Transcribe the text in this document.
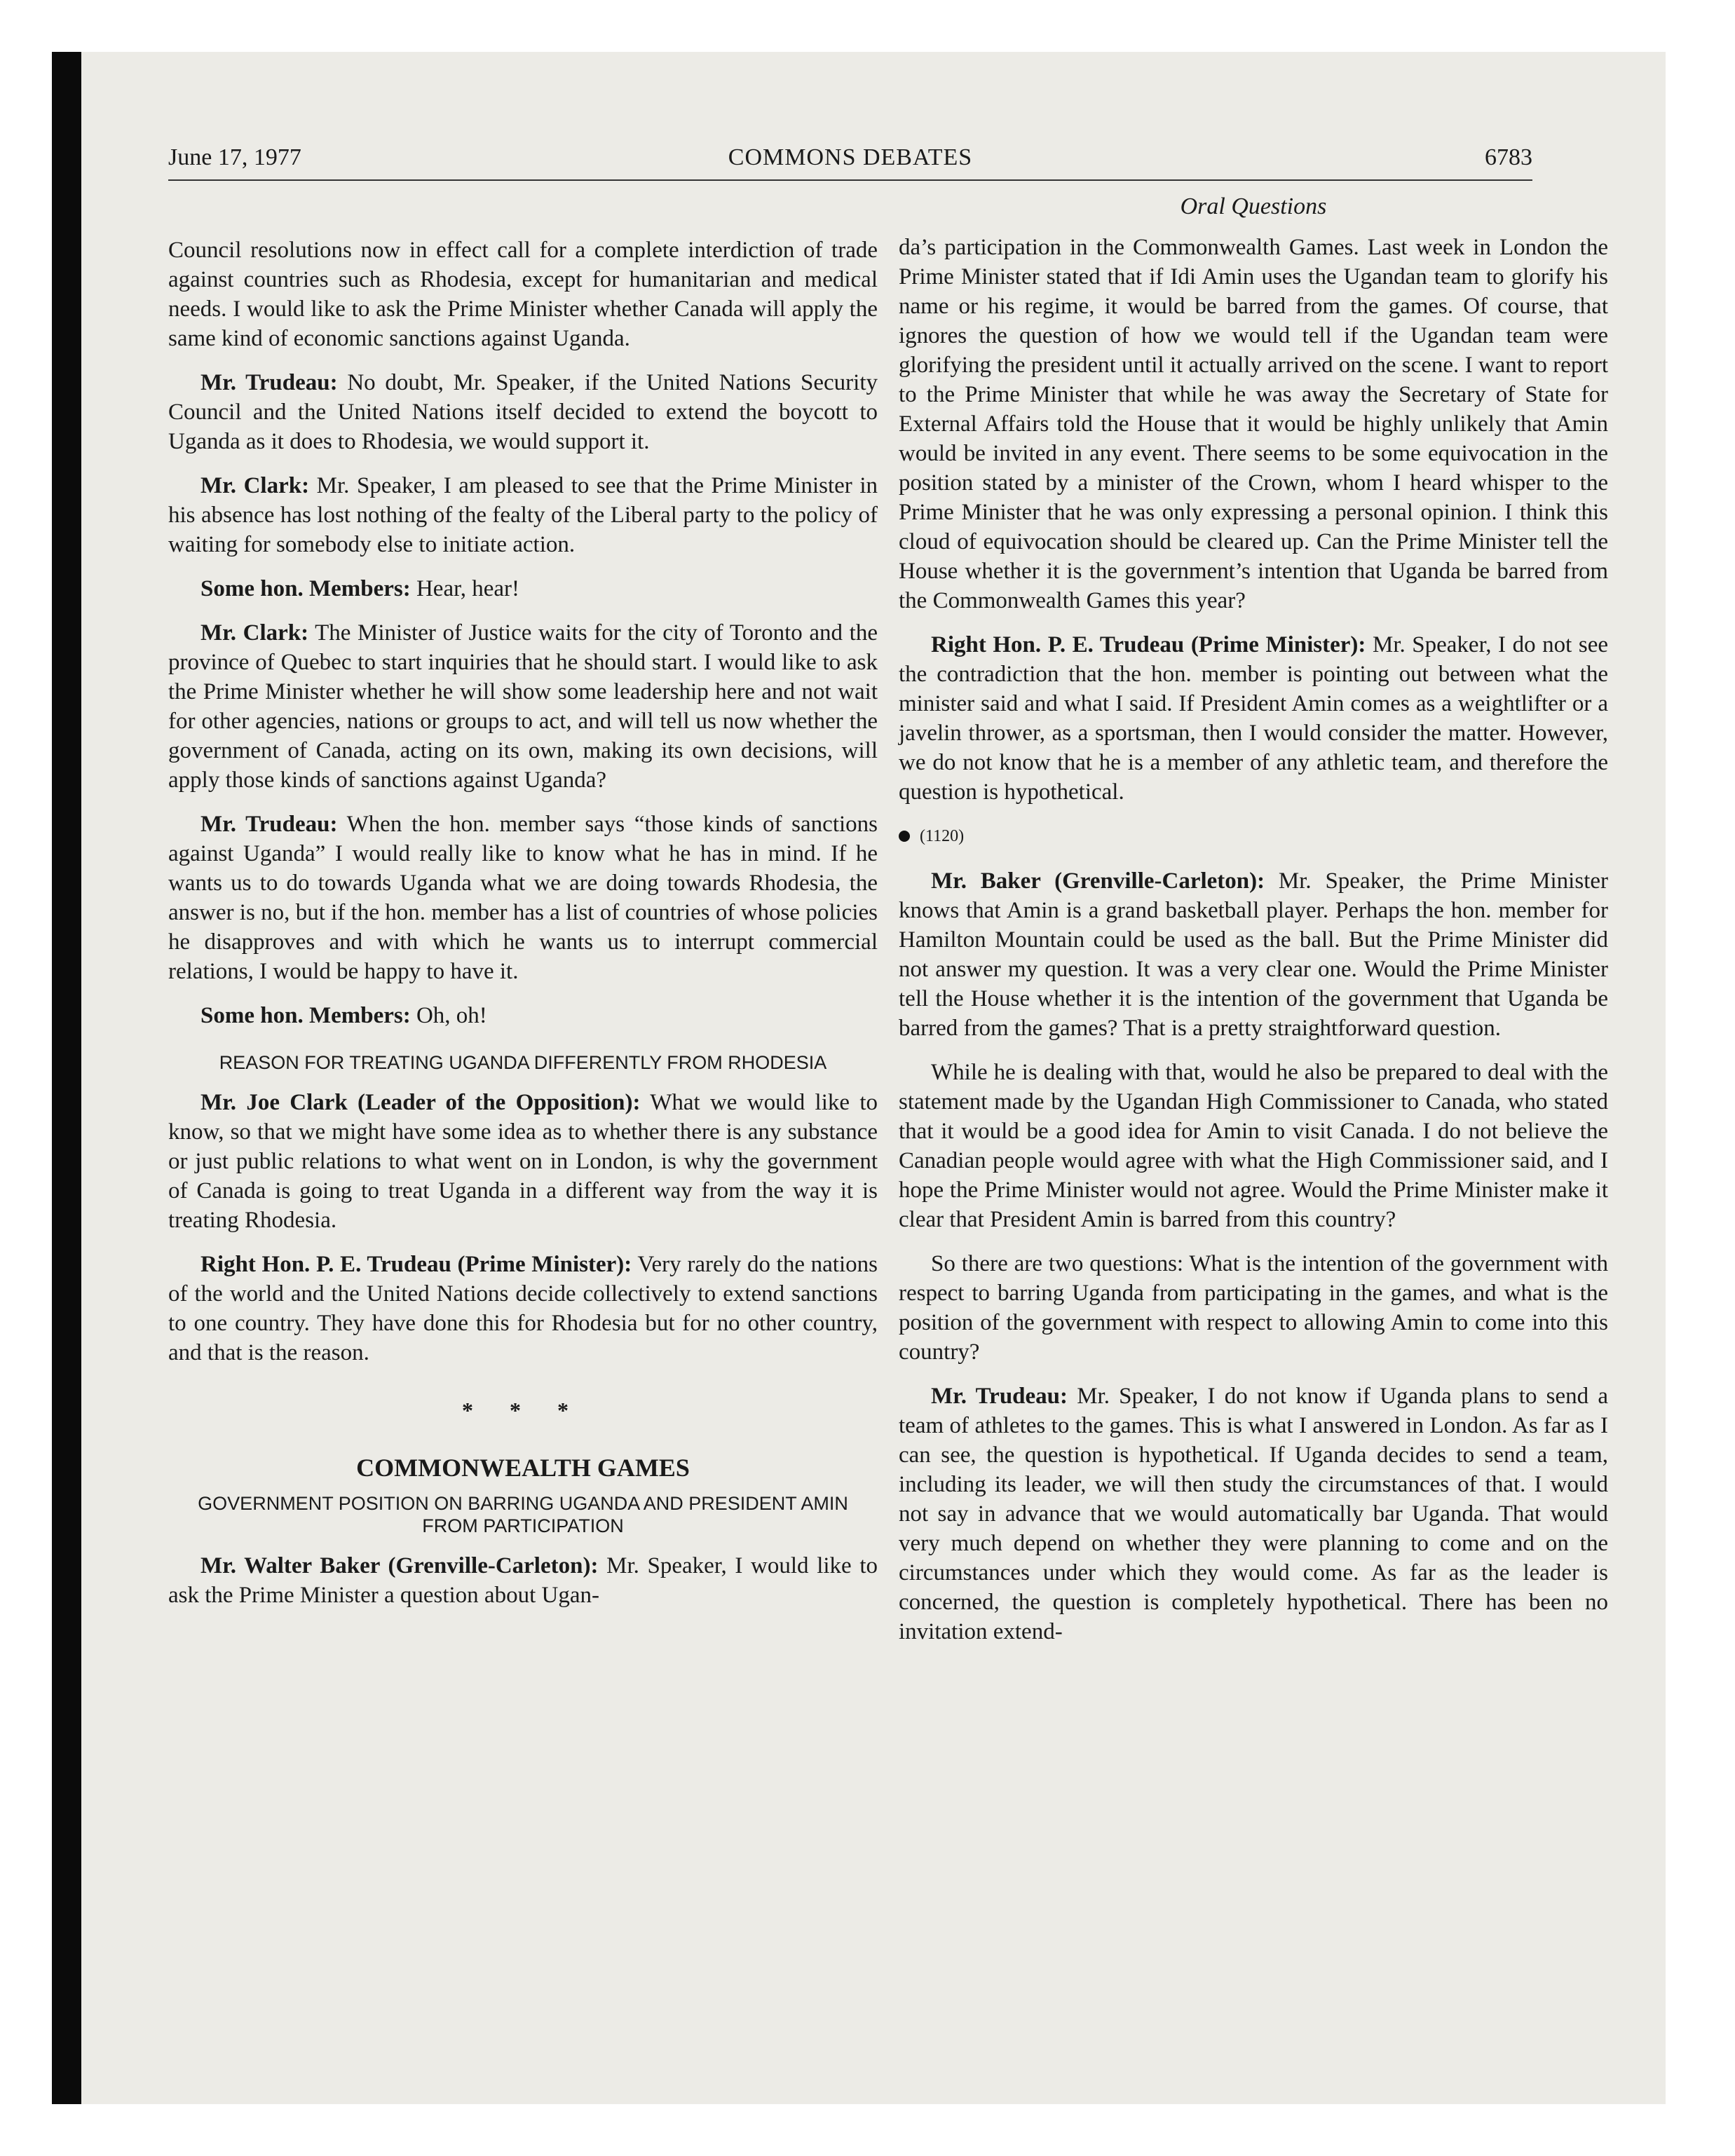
June 17, 1977	COMMONS DEBATES	6783

Council resolutions now in effect call for a complete interdiction of trade against countries such as Rhodesia, except for humanitarian and medical needs. I would like to ask the Prime Minister whether Canada will apply the same kind of economic sanctions against Uganda.

Mr. Trudeau: No doubt, Mr. Speaker, if the United Nations Security Council and the United Nations itself decided to extend the boycott to Uganda as it does to Rhodesia, we would support it.

Mr. Clark: Mr. Speaker, I am pleased to see that the Prime Minister in his absence has lost nothing of the fealty of the Liberal party to the policy of waiting for somebody else to initiate action.

Some hon. Members: Hear, hear!

Mr. Clark: The Minister of Justice waits for the city of Toronto and the province of Quebec to start inquiries that he should start. I would like to ask the Prime Minister whether he will show some leadership here and not wait for other agencies, nations or groups to act, and will tell us now whether the government of Canada, acting on its own, making its own decisions, will apply those kinds of sanctions against Uganda?

Mr. Trudeau: When the hon. member says “those kinds of sanctions against Uganda” I would really like to know what he has in mind. If he wants us to do towards Uganda what we are doing towards Rhodesia, the answer is no, but if the hon. member has a list of countries of whose policies he disapproves and with which he wants us to interrupt commercial relations, I would be happy to have it.

Some hon. Members: Oh, oh!

REASON FOR TREATING UGANDA DIFFERENTLY FROM RHODESIA

Mr. Joe Clark (Leader of the Opposition): What we would like to know, so that we might have some idea as to whether there is any substance or just public relations to what went on in London, is why the government of Canada is going to treat Uganda in a different way from the way it is treating Rhodesia.

Right Hon. P. E. Trudeau (Prime Minister): Very rarely do the nations of the world and the United Nations decide collectively to extend sanctions to one country. They have done this for Rhodesia but for no other country, and that is the reason.

* * *
COMMONWEALTH GAMES
GOVERNMENT POSITION ON BARRING UGANDA AND PRESIDENT AMIN FROM PARTICIPATION

Mr. Walter Baker (Grenville-Carleton): Mr. Speaker, I would like to ask the Prime Minister a question about Ugan-

Oral Questions

da’s participation in the Commonwealth Games. Last week in London the Prime Minister stated that if Idi Amin uses the Ugandan team to glorify his name or his regime, it would be barred from the games. Of course, that ignores the question of how we would tell if the Ugandan team were glorifying the president until it actually arrived on the scene. I want to report to the Prime Minister that while he was away the Secretary of State for External Affairs told the House that it would be highly unlikely that Amin would be invited in any event. There seems to be some equivocation in the position stated by a minister of the Crown, whom I heard whisper to the Prime Minister that he was only expressing a personal opinion. I think this cloud of equivocation should be cleared up. Can the Prime Minister tell the House whether it is the government’s intention that Uganda be barred from the Commonwealth Games this year?

Right Hon. P. E. Trudeau (Prime Minister): Mr. Speaker, I do not see the contradiction that the hon. member is pointing out between what the minister said and what I said. If President Amin comes as a weightlifter or a javelin thrower, as a sportsman, then I would consider the matter. However, we do not know that he is a member of any athletic team, and therefore the question is hypothetical.

(1120)

Mr. Baker (Grenville-Carleton): Mr. Speaker, the Prime Minister knows that Amin is a grand basketball player. Perhaps the hon. member for Hamilton Mountain could be used as the ball. But the Prime Minister did not answer my question. It was a very clear one. Would the Prime Minister tell the House whether it is the intention of the government that Uganda be barred from the games? That is a pretty straightforward question.

While he is dealing with that, would he also be prepared to deal with the statement made by the Ugandan High Commissioner to Canada, who stated that it would be a good idea for Amin to visit Canada. I do not believe the Canadian people would agree with what the High Commissioner said, and I hope the Prime Minister would not agree. Would the Prime Minister make it clear that President Amin is barred from this country?

So there are two questions: What is the intention of the government with respect to barring Uganda from participating in the games, and what is the position of the government with respect to allowing Amin to come into this country?

Mr. Trudeau: Mr. Speaker, I do not know if Uganda plans to send a team of athletes to the games. This is what I answered in London. As far as I can see, the question is hypothetical. If Uganda decides to send a team, including its leader, we will then study the circumstances of that. I would not say in advance that we would automatically bar Uganda. That would very much depend on whether they were planning to come and on the circumstances under which they would come. As far as the leader is concerned, the question is completely hypothetical. There has been no invitation extend-
